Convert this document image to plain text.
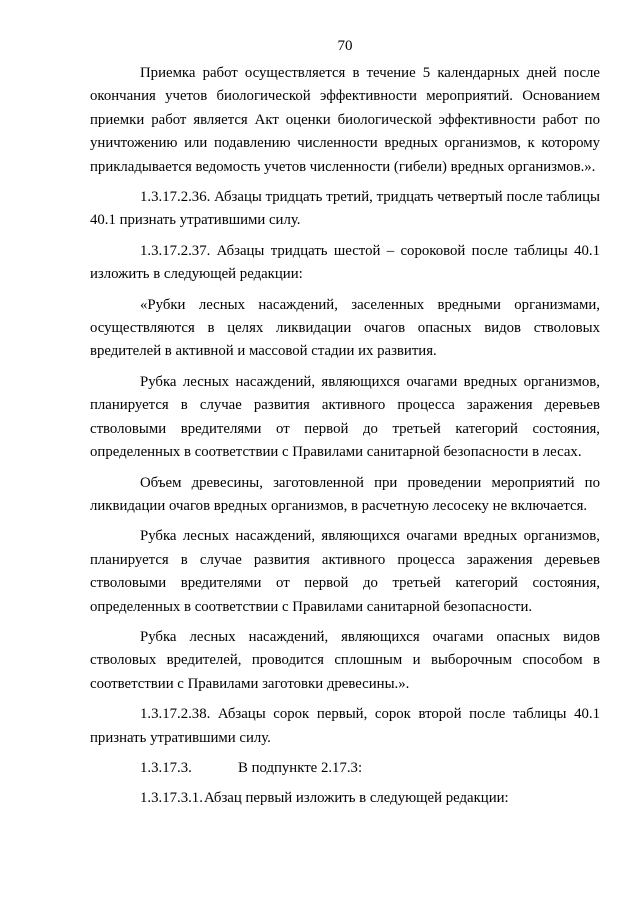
70

Приемка работ осуществляется в течение 5 календарных дней после окончания учетов биологической эффективности мероприятий. Основанием приемки работ является Акт оценки биологической эффективности работ по уничтожению или подавлению численности вредных организмов, к которому прикладывается ведомость учетов численности (гибели) вредных организмов.».

1.3.17.2.36. Абзацы тридцать третий, тридцать четвертый после таблицы 40.1 признать утратившими силу.

1.3.17.2.37. Абзацы тридцать шестой – сороковой после таблицы 40.1 изложить в следующей редакции:

«Рубки лесных насаждений, заселенных вредными организмами, осуществляются в целях ликвидации очагов опасных видов стволовых вредителей в активной и массовой стадии их развития.

Рубка лесных насаждений, являющихся очагами вредных организмов, планируется в случае развития активного процесса заражения деревьев стволовыми вредителями от первой до третьей категорий состояния, определенных в соответствии с Правилами санитарной безопасности в лесах.

Объем древесины, заготовленной при проведении мероприятий по ликвидации очагов вредных организмов, в расчетную лесосеку не включается.

Рубка лесных насаждений, являющихся очагами вредных организмов, планируется в случае развития активного процесса заражения деревьев стволовыми вредителями от первой до третьей категорий состояния, определенных в соответствии с Правилами санитарной безопасности.

Рубка лесных насаждений, являющихся очагами опасных видов стволовых вредителей, проводится сплошным и выборочным способом в соответствии с Правилами заготовки древесины.».

1.3.17.2.38. Абзацы сорок первый, сорок второй после таблицы 40.1 признать утратившими силу.

1.3.17.3.	В подпункте 2.17.3:
1.3.17.3.1.Абзац первый изложить в следующей редакции:
